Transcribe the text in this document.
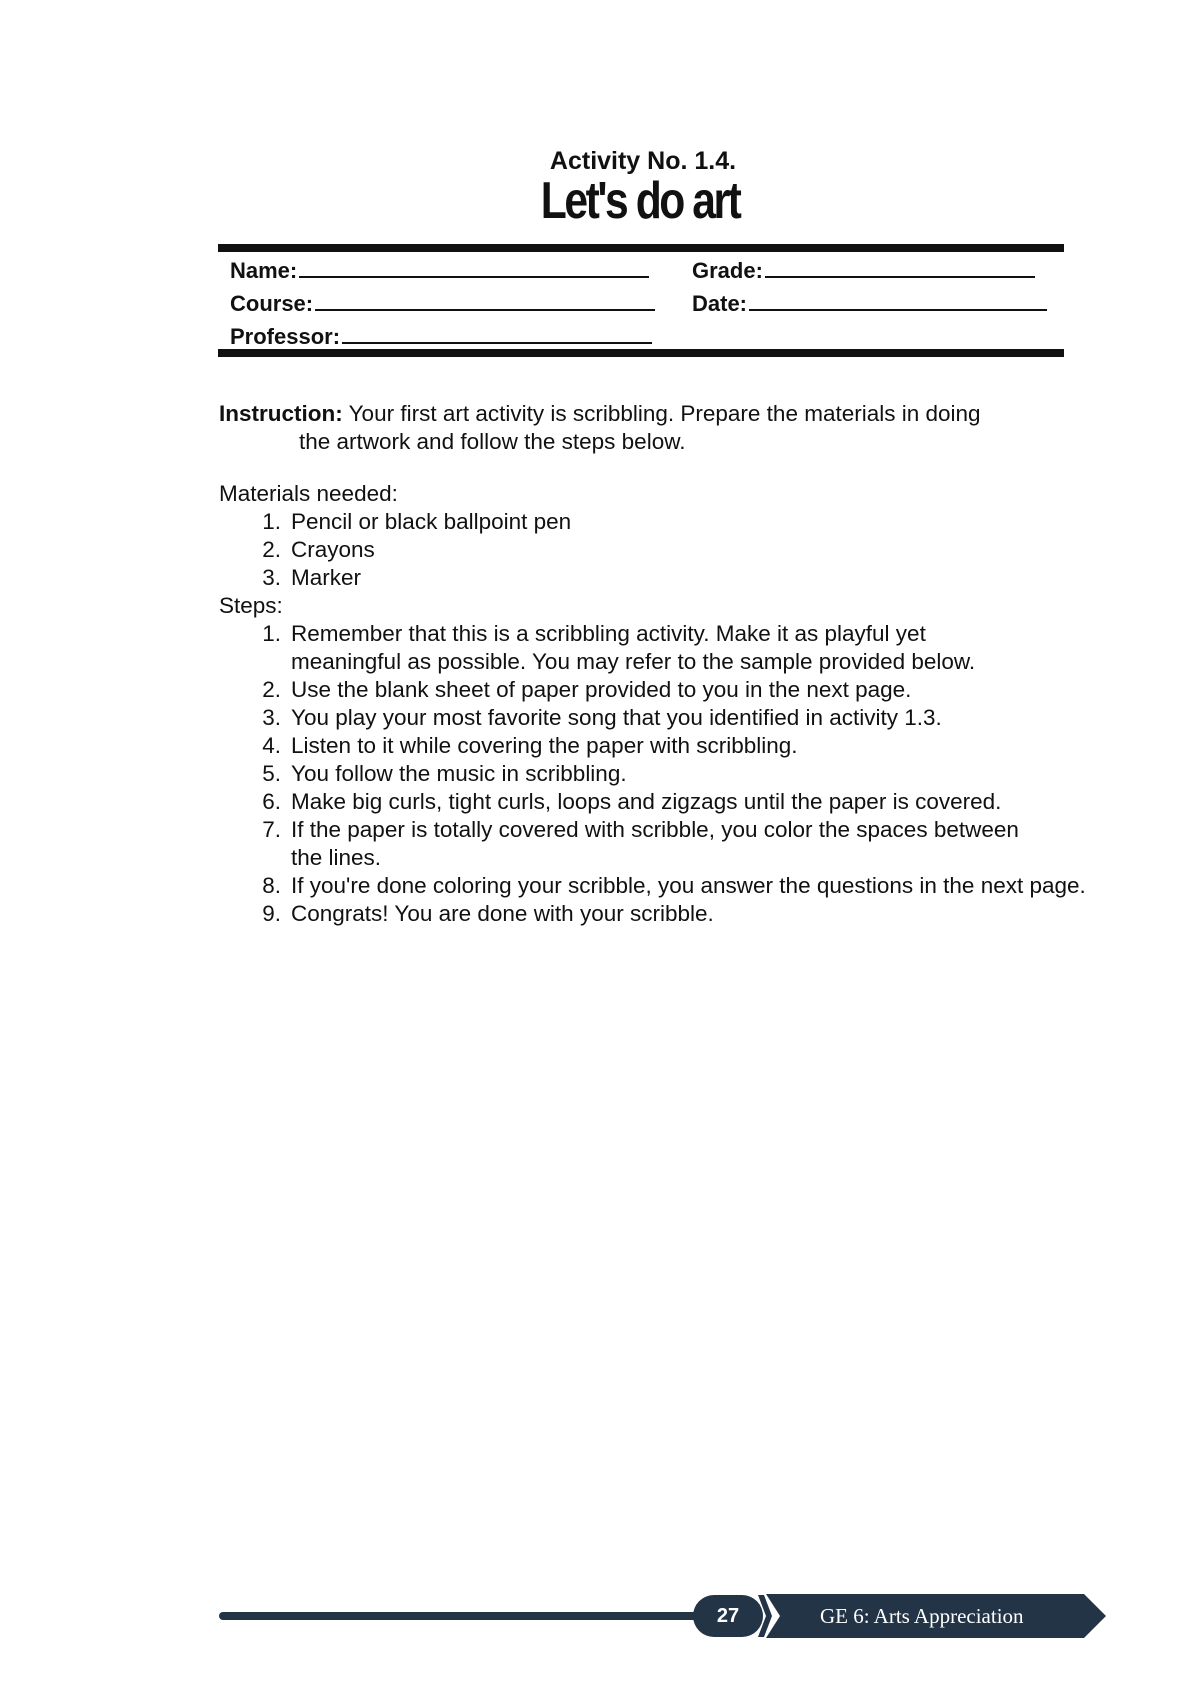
Activity No. 1.4.
Let's do art
Name:	Grade:
Course:	Date:
Professor:
Instruction: Your first art activity is scribbling. Prepare the materials in doing
the artwork and follow the steps below.
Materials needed:
1. Pencil or black ballpoint pen
2. Crayons
3. Marker
Steps:
1. Remember that this is a scribbling activity. Make it as playful yet meaningful as possible. You may refer to the sample provided below.
2. Use the blank sheet of paper provided to you in the next page.
3. You play your most favorite song that you identified in activity 1.3.
4. Listen to it while covering the paper with scribbling.
5. You follow the music in scribbling.
6. Make big curls, tight curls, loops and zigzags until the paper is covered.
7. If the paper is totally covered with scribble, you color the spaces between the lines.
8. If you're done coloring your scribble, you answer the questions in the next page.
9. Congrats! You are done with your scribble.
27	GE 6: Arts Appreciation
